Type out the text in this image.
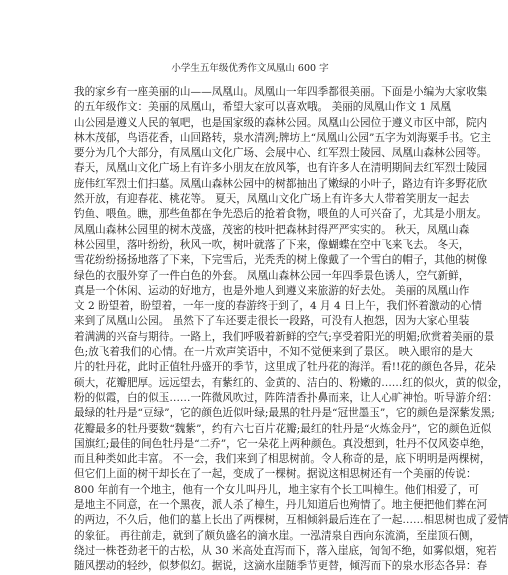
小学生五年级优秀作文凤凰山 600 字
我的家乡有一座美丽的山——凤凰山。凤凰山一年四季都很美丽。下面是小编为大家收集
的五年级作文：美丽的凤凰山，希望大家可以喜欢哦。 美丽的凤凰山作文 1 凤凰
山公园是遵义人民的氧吧，也是国家级的森林公园。凤凰山公园位于遵义市区中部，院内
林木茂郁，鸟语花香，山回路转，泉水清冽;牌坊上“凤凰山公园”五字为刘海粟手书。它主
要分为几个大部分，有凤凰山文化广场、会展中心、红军烈士陵园、凤凰山森林公园等。
春天，凤凰山文化广场上有许多小朋友在放风筝，也有许多人在清明期间去红军烈士陵园
庞伟红军烈士们扫墓。凤凰山森林公园中的树都抽出了嫩绿的小叶子，路边有许多野花欣
然开放，有迎春花、桃花等。 夏天，凤凰山文化广场上有许多大人带着笑朋友一起去
钓鱼、喂鱼。瞧，那些鱼都在争先恐后的抢着食物，喂鱼的人可兴奋了，尤其是小朋友。
凤凰山森林公园里的树木茂盛，茂密的枝叶把森林封得严严实实的。 秋天，凤凰山森
林公园里，落叶纷纷，秋风一吹，树叶就落了下来，像蝴蝶在空中飞来飞去。 冬天，
雪花纷纷扬扬地落了下来，下完雪后，光秃秃的树上像戴了一个雪白的帽子，其他的树像
绿色的衣服外穿了一件白色的外套。 凤凰山森林公园一年四季景色诱人，空气新鲜，
真是一个休闲、运动的好地方，也是外地人到遵义来旅游的好去处。 美丽的凤凰山作
文 2 盼望着，盼望着，一年一度的春游终于到了，4 月 4 日上午，我们怀着激动的心情
来到了凤凰山公园。 虽然下了车还要走很长一段路，可没有人抱怨，因为大家心里装
着满满的兴奋与期待。一路上，我们呼吸着新鲜的空气;享受着阳光的明媚;欣赏着美丽的景
色;放飞着我们的心情。在一片欢声笑语中，不知不觉便来到了景区。 映入眼帘的是大
片的牡丹花，此时正值牡丹盛开的季节，这里成了牡丹花的海洋。看!!花的颜色各异，花朵
硕大，花瓣肥厚。远远望去，有紫红的、金黄的、洁白的、粉嫩的……红的似火，黄的似金，
粉的似霞，白的似玉……一阵微风吹过，阵阵清香扑鼻而来，让人心旷神怡。听导游介绍：
最绿的牡丹是“豆绿”，它的颜色近似叶绿;最黑的牡丹是“冠世墨玉”，它的颜色是深紫发黑;
花瓣最多的牡丹要数“魏紫”，约有六七百片花瓣;最红的牡丹是“火炼金丹”，它的颜色近似
国旗红;最佳的间色牡丹是“二乔”，它一朵花上两种颜色。真没想到，牡丹不仅风姿卓绝，
而且种类如此丰富。 不一会，我们来到了相思树前。令人称奇的是，底下明明是两棵树，
但它们上面的树干却长在了一起，变成了一棵树。据说这相思树还有一个美丽的传说：
800 年前有一个地主，他有一个女儿叫丹儿，地主家有个长工叫樟生。他们相爱了，可
是地主不同意，在一个黑夜，派人杀了樟生，丹儿知道后也殉情了。地主便把他们葬在河
的两边，不久后，他们的墓上长出了两棵树，互相倾斜最后连在了一起……相思树也成了爱情
的象征。 再往前走，就到了颇负盛名的滴水崖。一泓清泉自西向东流淌，至崖顶石侧，
绕过一株苍劲老干的古松，从 30 米高处直泻而下，落入崖底，訇訇不绝，如雾似烟，宛若
随风摆动的轻纱，似梦似幻。据说，这滴水崖随季节更替，倾泻而下的泉水形态各异：春
